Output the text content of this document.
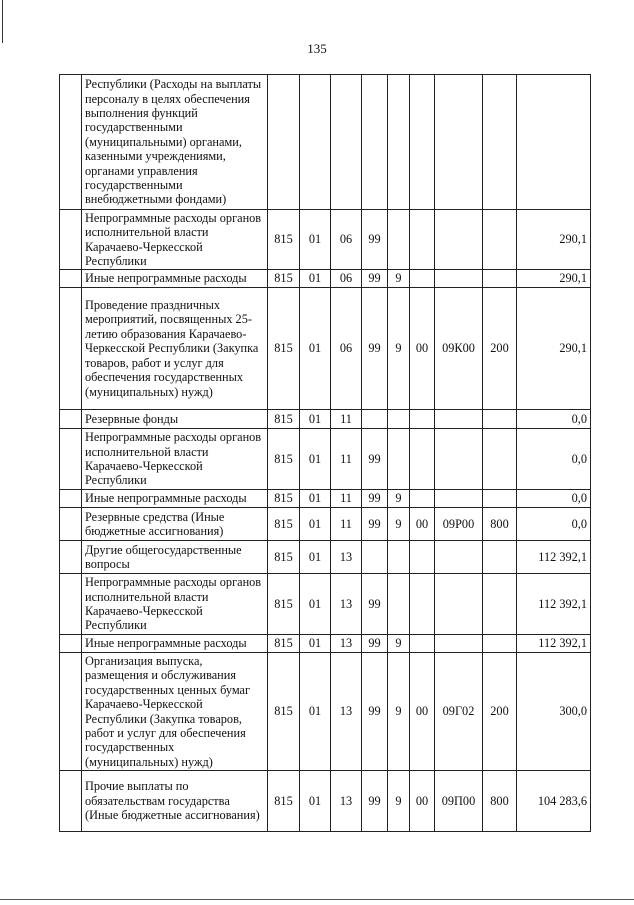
135
	Республики (Расходы на выплаты персоналу в целях обеспечения выполнения функций государственными (муниципальными) органами, казенными учреждениями, органами управления государственными внебюджетными фондами)									
	Непрограммные расходы органов исполнительной власти Карачаево-Черкесской Республики	815	01	06	99					290,1
	Иные непрограммные расходы	815	01	06	99	9				290,1
	Проведение праздничных мероприятий, посвященных 25-летию образования Карачаево-Черкесской Республики (Закупка товаров, работ и услуг для обеспечения государственных (муниципальных) нужд)	815	01	06	99	9	00	09К00	200	290,1
	Резервные фонды	815	01	11						0,0
	Непрограммные расходы органов исполнительной власти Карачаево-Черкесской Республики	815	01	11	99					0,0
	Иные непрограммные расходы	815	01	11	99	9				0,0
	Резервные средства (Иные бюджетные ассигнования)	815	01	11	99	9	00	09Р00	800	0,0
	Другие общегосударственные вопросы	815	01	13						112 392,1
	Непрограммные расходы органов исполнительной власти Карачаево-Черкесской Республики	815	01	13	99					112 392,1
	Иные непрограммные расходы	815	01	13	99	9				112 392,1
	Организация выпуска, размещения и обслуживания государственных ценных бумаг Карачаево-Черкесской Республики (Закупка товаров, работ и услуг для обеспечения государственных (муниципальных) нужд)	815	01	13	99	9	00	09Г02	200	300,0
	Прочие выплаты по обязательствам государства (Иные бюджетные ассигнования)	815	01	13	99	9	00	09П00	800	104 283,6
